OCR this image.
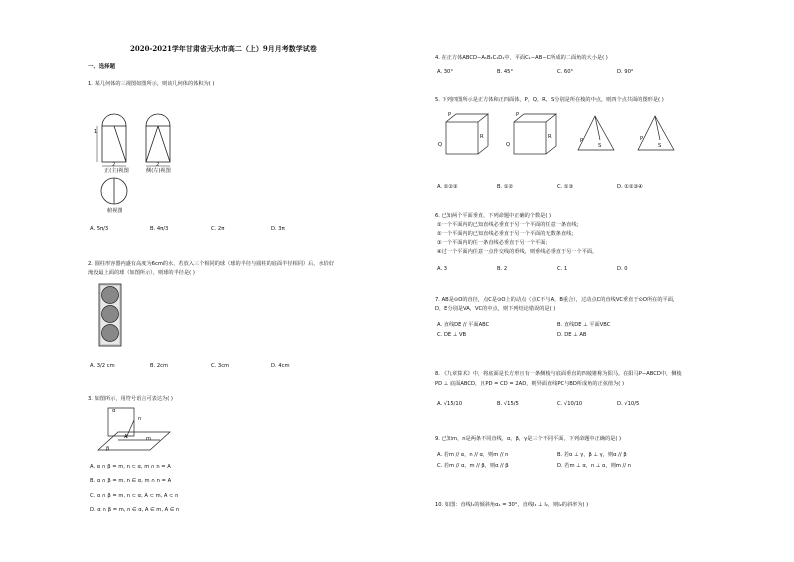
2020-2021学年甘肃省天水市高二（上）9月月考数学试卷
一、选择题
1. 某几何体的三视图如图所示，则该几何体的体积为( )
1
2	2
正(主)视图	侧(左)视图
俯视图
A. 5π/3	B. 4π/3	C. 2π	D. 3π
2. 圆柱形容器内盛有高度为6cm的水，若放入三个相同的球（球的半径与圆柱的底面半径相同）后，水恰好
淹没最上面的球（如图所示），则球的半径是( )
A. 3/2 cm	B. 2cm	C. 3cm	D. 4cm
3. 如图所示，用符号语言可表达为( )
α
n
A	m
β
A. α ∩ β = m, n ⊂ α, m ∩ n = A
B. α ∩ β = m, n ∈ α, m ∩ n = A
C. α ∩ β = m, n ⊂ α, A ⊂ m, A ⊂ n
D. α ∩ β = m, n ∈ α, A ∈ m, A ∈ n
4. 在正方体ABCD−A₁B₁C₁D₁中，平面C₁−AB−C所成的二面角的大小是( )
A. 30°	B. 45°	C. 60°	D. 90°
5. 下列四图所示是正方体和正四面体，P，Q，R，S分别是所在棱的中点，则四个点共面的图形是( )
P
R
Q
P
R
Q
P
S
P
S
A. ①②③	B. ①②	C. ①③	D. ①②③④
6. 已知两个平面垂直，下列命题中正确的个数是( )
①一个平面内的已知直线必垂直于另一个平面的任意一条直线；
②一个平面内的已知直线必垂直于另一个平面的无数条直线；
③一个平面内的任一条直线必垂直于另一个平面；
④过一个平面内任意一点作交线的垂线，则垂线必垂直于另一个平面。
A. 3	B. 2	C. 1	D. 0
7. AB是⊙O的直径，点C是⊙O上的动点（点C不与A，B重合），过动点C的直线VC垂直于⊙O所在的平面，
D，E分别是VA，VC的中点，则下列结论错误的是( )
A. 直线DE // 平面ABC	B. 直线DE ⊥ 平面VBC
C. DE ⊥ VB	D. DE ⊥ AB
8. 《九章算术》中，将底面是长方形且有一条侧棱与底面垂直的四棱锥称为阳马。在阳马P−ABCD中，侧棱
PD ⊥ 底面ABCD，且PD = CD = 2AD，则异面直线PC与BD所成角的正弦值为( )
A. √15/10	B. √15/5	C. √10/10	D. √10/5
9. 已知m，n是两条不同直线，α，β，γ是三个不同平面，下列命题中正确的是( )
A. 若m // α，n // α，则m // n	B. 若α ⊥ γ，β ⊥ γ，则α // β
C. 若m // α，m // β，则α // β	D. 若m ⊥ α，n ⊥ α，则m // n
10. 如图：直线l₁的倾斜角α₁ = 30°，直线l₁ ⊥ l₂，则l₂的斜率为( )
